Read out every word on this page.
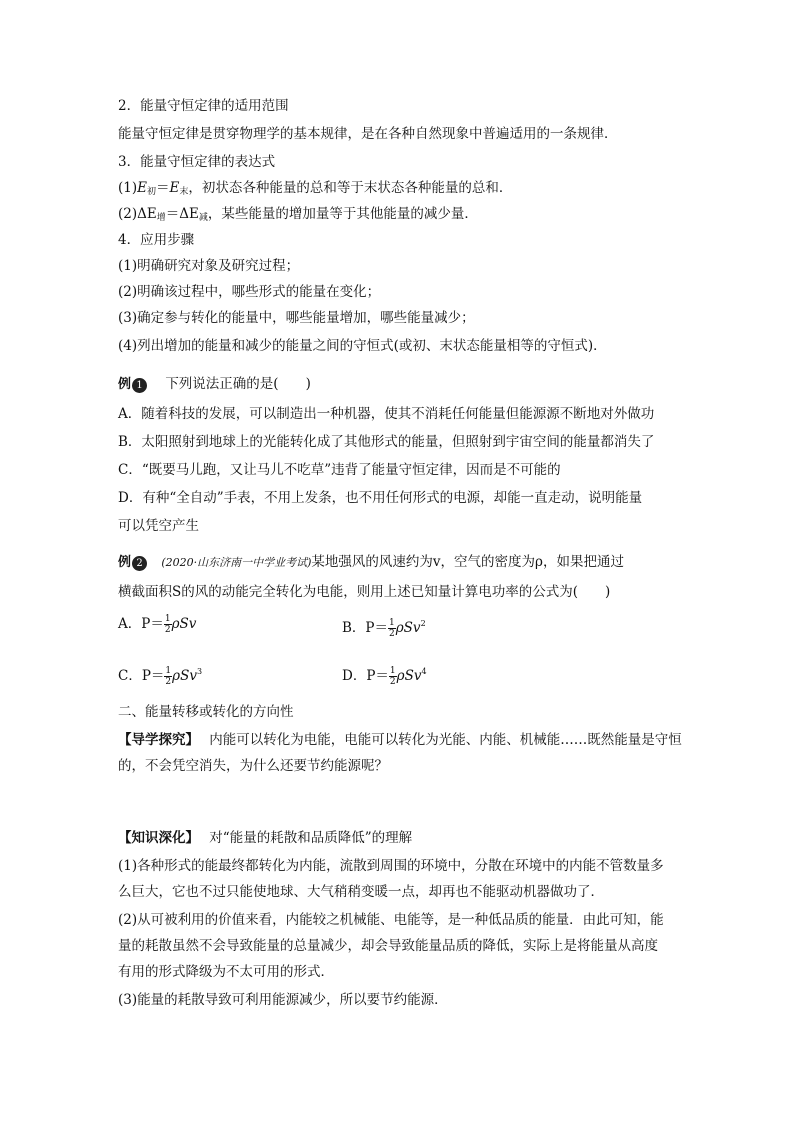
2．能量守恒定律的适用范围
能量守恒定律是贯穿物理学的基本规律，是在各种自然现象中普遍适用的一条规律．
3．能量守恒定律的表达式
$(1)E_初=E_末$，初状态各种能量的总和等于末状态各种能量的总和．
$(2)\Delta E_增=\Delta E_减$，某些能量的增加量等于其他能量的减少量．
4．应用步骤
(1)明确研究对象及研究过程；
(2)明确该过程中，哪些形式的能量在变化；
(3)确定参与转化的能量中，哪些能量增加，哪些能量减少；
(4)列出增加的能量和减少的能量之间的守恒式(或初、末状态能量相等的守恒式)．
例 1 下列说法正确的是(　　)
A．随着科技的发展，可以制造出一种机器，使其不消耗任何能量但能源源不断地对外做功
B．太阳照射到地球上的光能转化成了其他形式的能量，但照射到宇宙空间的能量都消失了
C．“既要马儿跑，又让马儿不吃草”违背了能量守恒定律，因而是不可能的
D．有种“全自动”手表，不用上发条，也不用任何形式的电源，却能一直走动，说明能量
可以凭空产生
例 2 (2020·山东济南一中学业考试)某地强风的风速约为v，空气的密度为ρ，如果把通过
横截面积S的风的动能完全转化为电能，则用上述已知量计算电功率的公式为(　　)
A．$P= \frac{1}{2}$ ρSv	B．$P= \frac{1}{2} \rho Sv^2$
C．$P= \frac{1}{2} \rho Sv^3$	D．$P= \frac{1}{2} \rho Sv^4$
二、能量转移或转化的方向性
【导学探究】 内能可以转化为电能，电能可以转化为光能、内能、机械能……既然能量是守恒
的，不会凭空消失，为什么还要节约能源呢？
【知识深化】 对“能量的耗散和品质降低”的理解
(1)各种形式的能最终都转化为内能，流散到周围的环境中，分散在环境中的内能不管数量多
么巨大，它也不过只能使地球、大气稍稍变暖一点，却再也不能驱动机器做功了．
(2)从可被利用的价值来看，内能较之机械能、电能等，是一种低品质的能量．由此可知，能
量的耗散虽然不会导致能量的总量减少，却会导致能量品质的降低，实际上是将能量从高度
有用的形式降级为不太可用的形式．
(3)能量的耗散导致可利用能源减少，所以要节约能源．
